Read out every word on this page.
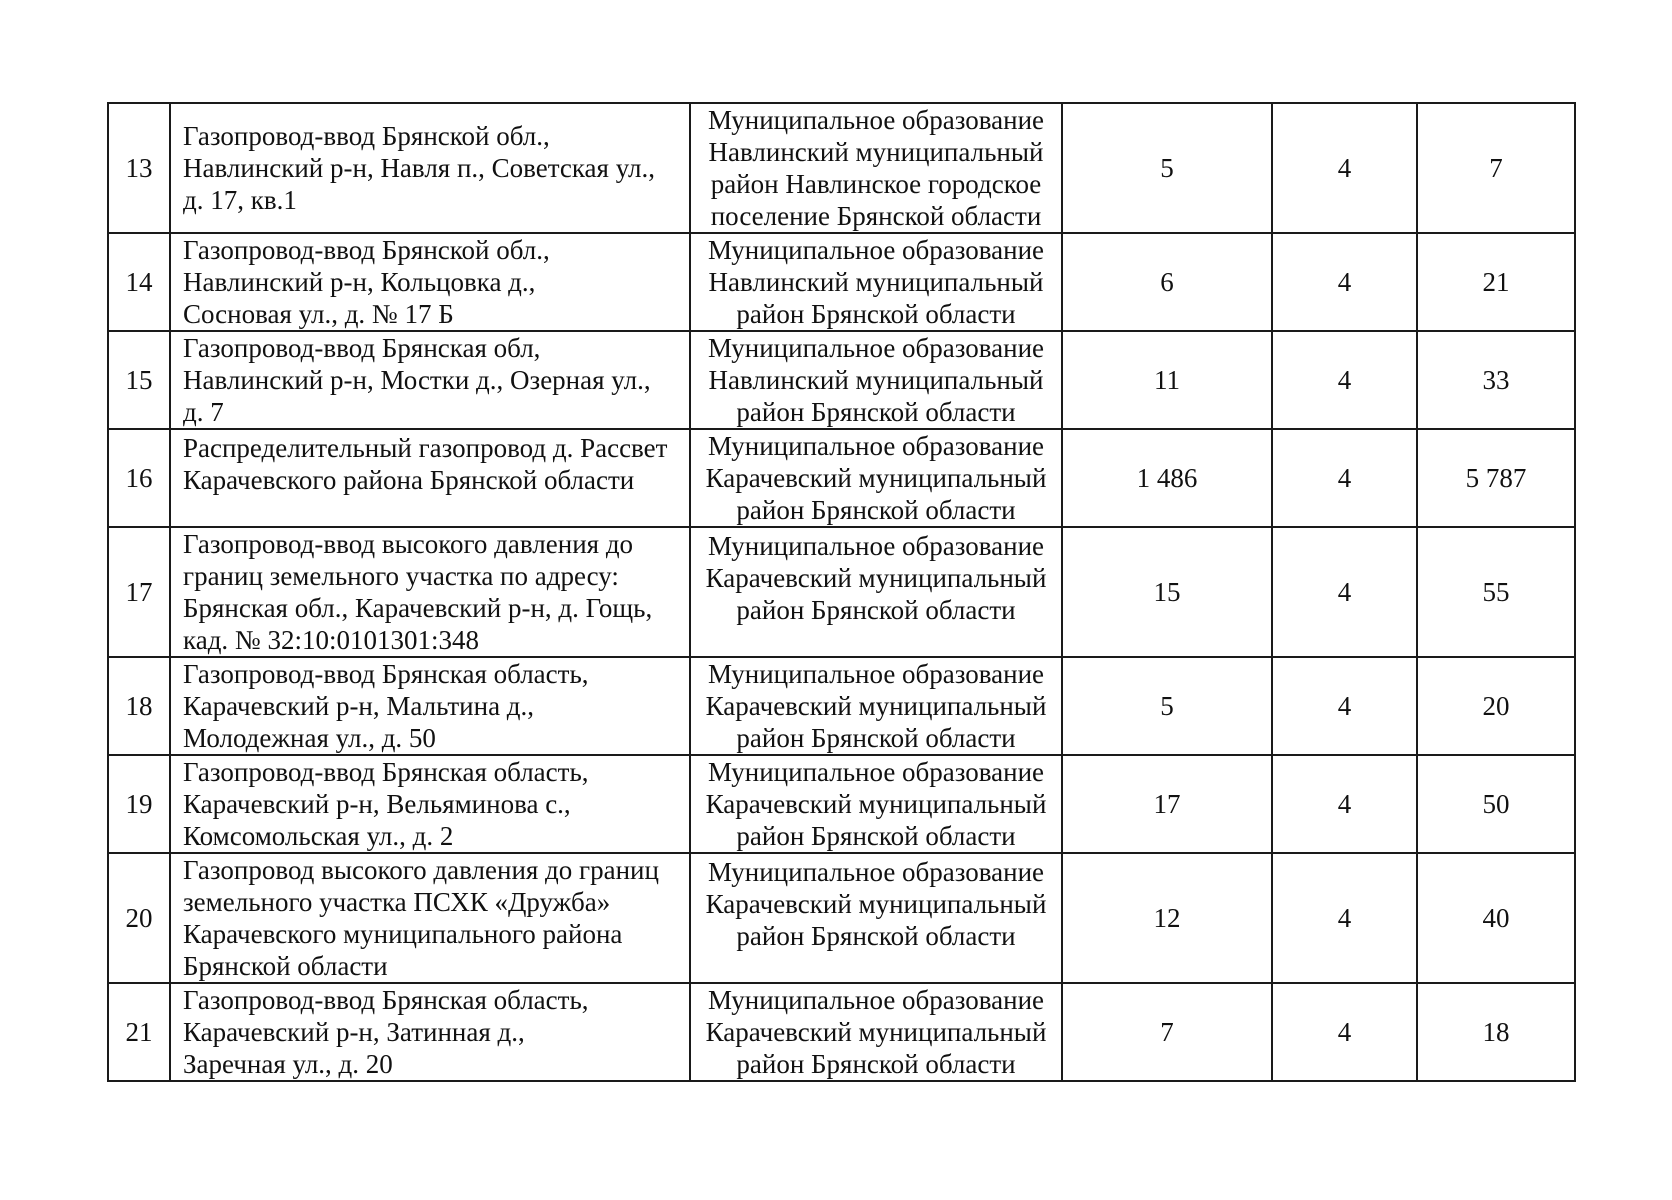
13	Газопровод-ввод Брянской обл.,
Навлинский р-н, Навля п., Советская ул.,
д. 17, кв.1	Муниципальное образование
Навлинский муниципальный
район Навлинское городское
поселение Брянской области	5	4	7
14	Газопровод-ввод Брянской обл.,
Навлинский р-н, Кольцовка д.,
Сосновая ул., д. № 17 Б	Муниципальное образование
Навлинский муниципальный
район Брянской области	6	4	21
15	Газопровод-ввод Брянская обл,
Навлинский р-н, Мостки д., Озерная ул.,
д. 7	Муниципальное образование
Навлинский муниципальный
район Брянской области	11	4	33
16	Распределительный газопровод д. Рассвет
Карачевского района Брянской области	Муниципальное образование
Карачевский муниципальный
район Брянской области	1 486	4	5 787
17	Газопровод-ввод высокого давления до
границ земельного участка по адресу:
Брянская обл., Карачевский р-н, д. Гощь,
кад. № 32:10:0101301:348	Муниципальное образование
Карачевский муниципальный
район Брянской области	15	4	55
18	Газопровод-ввод Брянская область,
Карачевский р-н, Мальтина д.,
Молодежная ул., д. 50	Муниципальное образование
Карачевский муниципальный
район Брянской области	5	4	20
19	Газопровод-ввод Брянская область,
Карачевский р-н, Вельяминова с.,
Комсомольская ул., д. 2	Муниципальное образование
Карачевский муниципальный
район Брянской области	17	4	50
20	Газопровод высокого давления до границ
земельного участка ПСХК «Дружба»
Карачевского муниципального района
Брянской области	Муниципальное образование
Карачевский муниципальный
район Брянской области	12	4	40
21	Газопровод-ввод Брянская область,
Карачевский р-н, Затинная д.,
Заречная ул., д. 20	Муниципальное образование
Карачевский муниципальный
район Брянской области	7	4	18
